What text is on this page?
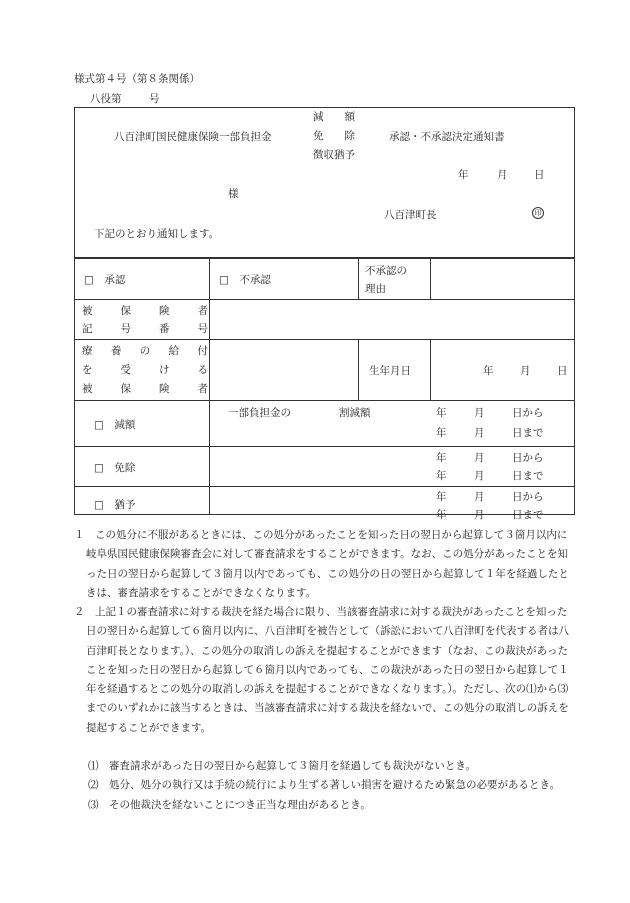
様式第４号（第８条関係）
八役第	号
八百津町国民健康保険一部負担金
減　　額
免　　除
徴収猶予
承認・不承認決定通知書
年	月	日
様
八百津町長	印
下記のとおり通知します。
□　承認	□　不承認
不承認の
理由
被	保	険	者
記	号	番	号
療 養 の 給 付
を	受	け	る
被	保	険	者
生年月日	年	月	日
□　減額
一部負担金の	割減額	年	月	日から
年	月	日まで
□　免除
年	月	日から
年	月	日まで
□　猶予
年	月	日から
年	月	日まで

１　この処分に不服があるときには、この処分があったことを知った日の翌日から起算して３箇月以内に岐阜県国民健康保険審査会に対して審査請求をすることができます。なお、この処分があったことを知った日の翌日から起算して３箇月以内であっても、この処分の日の翌日から起算して１年を経過したときは、審査請求をすることができなくなります。

２　上記１の審査請求に対する裁決を経た場合に限り、当該審査請求に対する裁決があったことを知った日の翌日から起算して６箇月以内に、八百津町を被告として（訴訟において八百津町を代表する者は八百津町長となります。）、この処分の取消しの訴えを提起することができます（なお、この裁決があったことを知った日の翌日から起算して６箇月以内であっても、この裁決があった日の翌日から起算して１年を経過するとこの処分の取消しの訴えを提起することができなくなります。）。ただし、次の⑴から⑶までのいずれかに該当するときは、当該審査請求に対する裁決を経ないで、この処分の取消しの訴えを提起することができます。

⑴　審査請求があった日の翌日から起算して３箇月を経過しても裁決がないとき。

⑵　処分、処分の執行又は手続の続行により生ずる著しい損害を避けるため緊急の必要があるとき。

⑶　その他裁決を経ないことにつき正当な理由があるとき。
